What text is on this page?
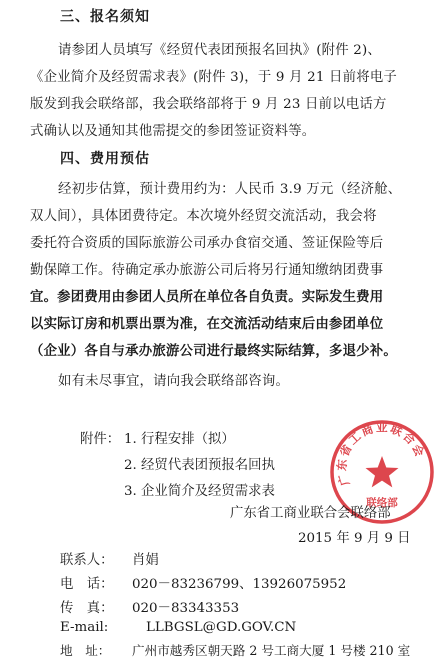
三、报名须知
请参团人员填写《经贸代表团预报名回执》(附件 2)、
《企业简介及经贸需求表》(附件 3)，于 9 月 21 日前将电子
版发到我会联络部，我会联络部将于 9 月 23 日前以电话方
式确认以及通知其他需提交的参团签证资料等。
四、费用预估
经初步估算，预计费用约为：人民币 3.9 万元（经济舱、
双人间），具体团费待定。本次境外经贸交流活动，我会将
委托符合资质的国际旅游公司承办食宿交通、签证保险等后
勤保障工作。待确定承办旅游公司后将另行通知缴纳团费事
宜。参团费用由参团人员所在单位各自负责。实际发生费用
以实际订房和机票出票为准，在交流活动结束后由参团单位
（企业）各自与承办旅游公司进行最终实际结算，多退少补。
如有未尽事宜，请向我会联络部咨询。
附件： 1. 行程安排（拟）
2. 经贸代表团预报名回执
3. 企业简介及经贸需求表
广东省工商业联合会
联络部
广东省工商业联合会联络部
2015 年 9 月 9 日
联系人： 肖娟
电　话： 020－83236799、13926075952
传　真： 020－83343353
E-mail:	LLBGSL@GD.GOV.CN
地　址： 广州市越秀区朝天路 2 号工商大厦 1 号楼 210 室
